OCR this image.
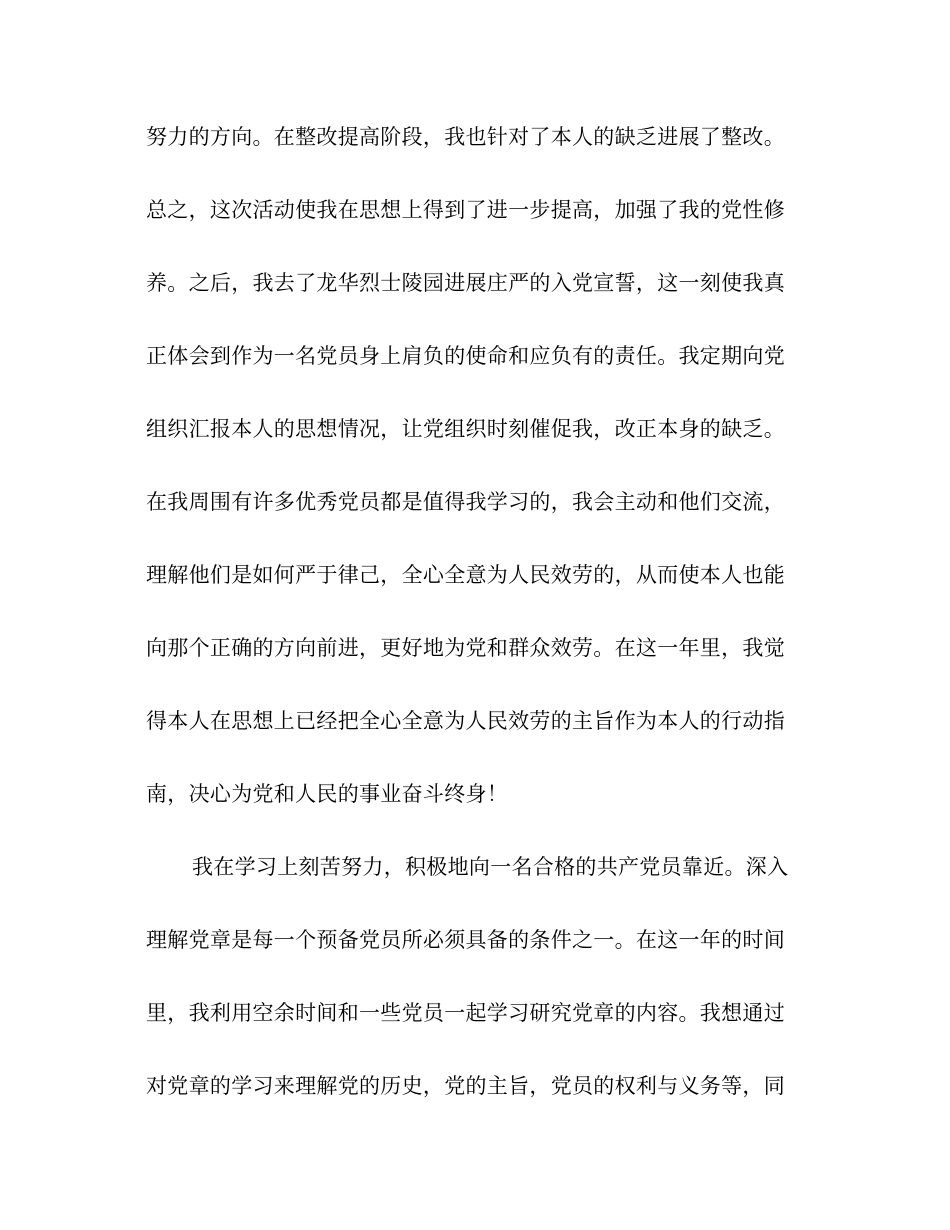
努力的方向。在整改提高阶段，我也针对了本人的缺乏进展了整改。
总之，这次活动使我在思想上得到了进一步提高，加强了我的党性修
养。之后，我去了龙华烈士陵园进展庄严的入党宣誓，这一刻使我真
正体会到作为一名党员身上肩负的使命和应负有的责任。我定期向党
组织汇报本人的思想情况，让党组织时刻催促我，改正本身的缺乏。
在我周围有许多优秀党员都是值得我学习的，我会主动和他们交流，
理解他们是如何严于律己，全心全意为人民效劳的，从而使本人也能
向那个正确的方向前进，更好地为党和群众效劳。在这一年里，我觉
得本人在思想上已经把全心全意为人民效劳的主旨作为本人的行动指
南，决心为党和人民的事业奋斗终身！
我在学习上刻苦努力，积极地向一名合格的共产党员靠近。深入
理解党章是每一个预备党员所必须具备的条件之一。在这一年的时间
里，我利用空余时间和一些党员一起学习研究党章的内容。我想通过
对党章的学习来理解党的历史，党的主旨，党员的权利与义务等，同
